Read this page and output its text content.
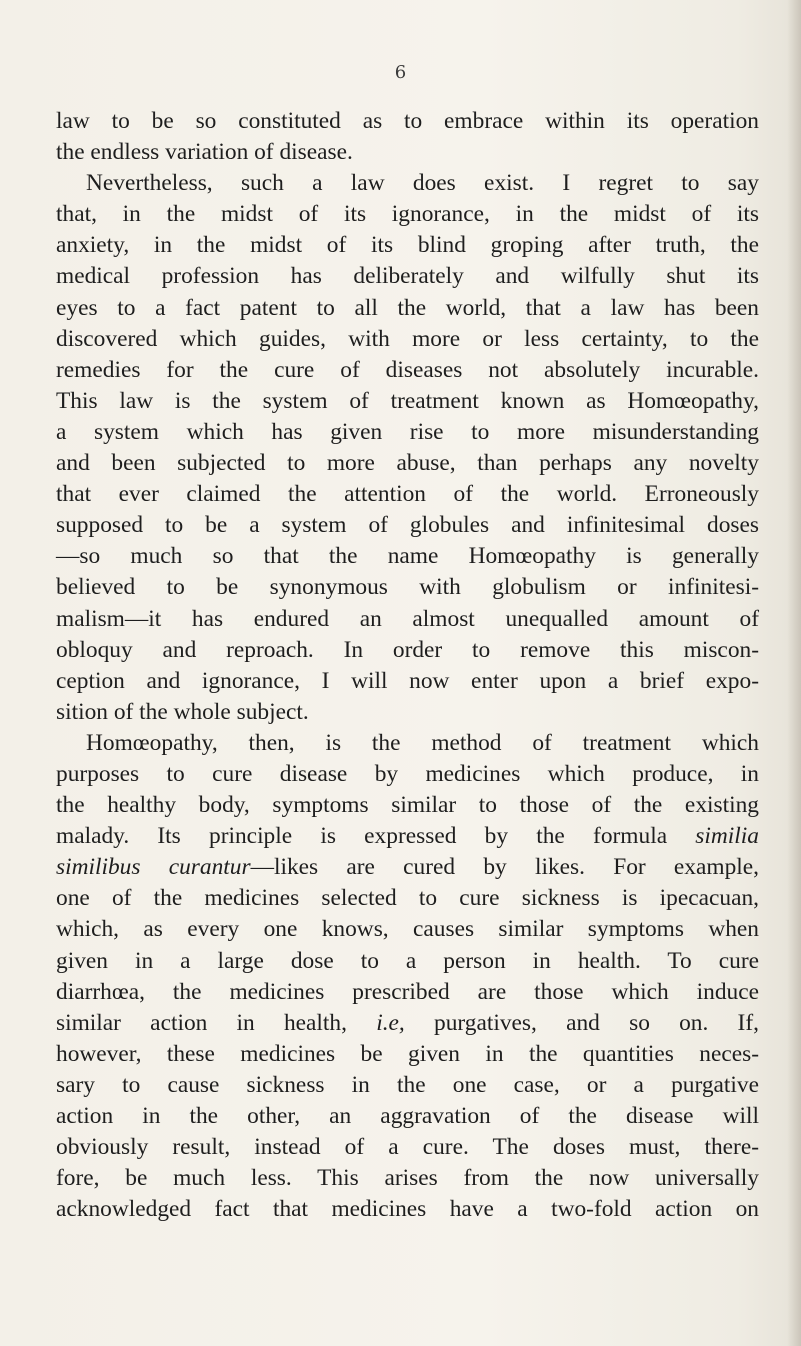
6
law to be so constituted as to embrace within its operation
the endless variation of disease.
Nevertheless, such a law does exist. I regret to say
that, in the midst of its ignorance, in the midst of its
anxiety, in the midst of its blind groping after truth, the
medical profession has deliberately and wilfully shut its
eyes to a fact patent to all the world, that a law has been
discovered which guides, with more or less certainty, to the
remedies for the cure of diseases not absolutely incurable.
This law is the system of treatment known as Homœopathy,
a system which has given rise to more misunderstanding
and been subjected to more abuse, than perhaps any novelty
that ever claimed the attention of the world. Erroneously
supposed to be a system of globules and infinitesimal doses
—so much so that the name Homœopathy is generally
believed to be synonymous with globulism or infinitesi-
malism—it has endured an almost unequalled amount of
obloquy and reproach. In order to remove this miscon-
ception and ignorance, I will now enter upon a brief expo-
sition of the whole subject.
Homœopathy, then, is the method of treatment which
purposes to cure disease by medicines which produce, in
the healthy body, symptoms similar to those of the existing
malady. Its principle is expressed by the formula similia
similibus curantur—likes are cured by likes. For example,
one of the medicines selected to cure sickness is ipecacuan,
which, as every one knows, causes similar symptoms when
given in a large dose to a person in health. To cure
diarrhœa, the medicines prescribed are those which induce
similar action in health, i.e, purgatives, and so on. If,
however, these medicines be given in the quantities neces-
sary to cause sickness in the one case, or a purgative
action in the other, an aggravation of the disease will
obviously result, instead of a cure. The doses must, there-
fore, be much less. This arises from the now universally
acknowledged fact that medicines have a two-fold action on
